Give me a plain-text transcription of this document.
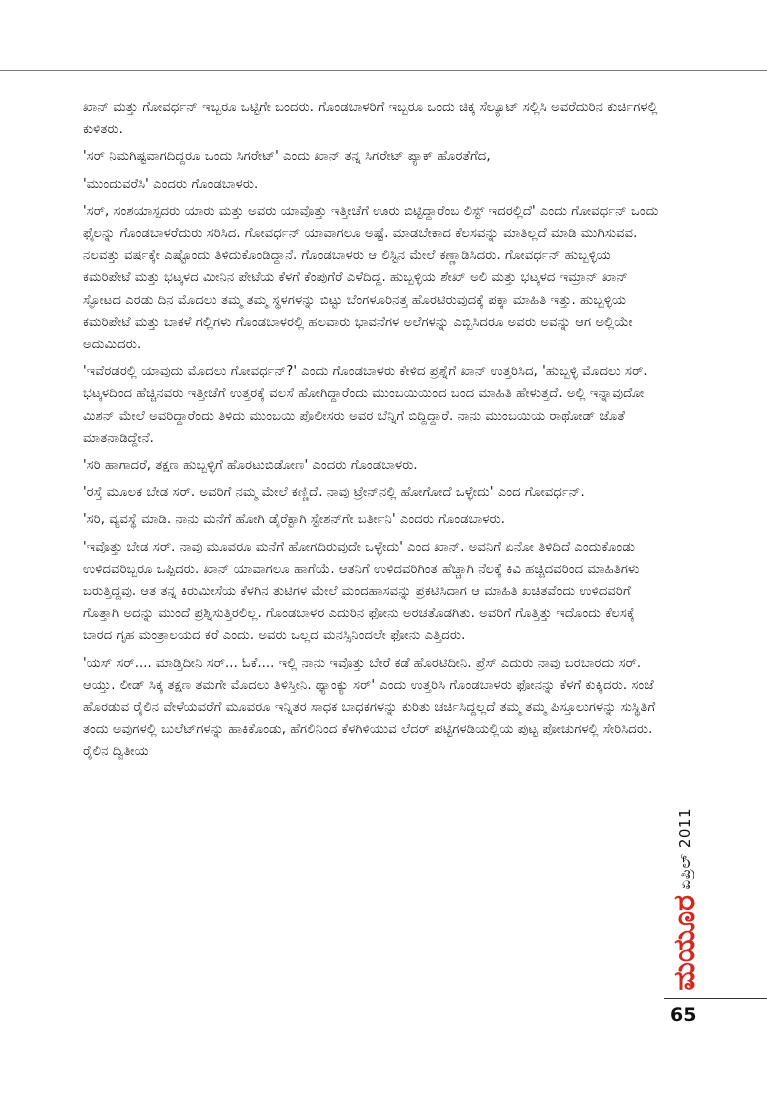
ಖಾನ್ ಮತ್ತು ಗೋವರ್ಧನ್ ಇಬ್ಬರೂ ಒಟ್ಟಿಗೇ ಬಂದರು. ಗೊಂಡಬಾಳರಿಗೆ ಇಬ್ಬರೂ ಒಂದು ಚಿಕ್ಕ ಸೆಲ್ಯೂಟ್ ಸಲ್ಲಿಸಿ ಅವರೆದುರಿನ ಕುರ್ಚಿಗಳಲ್ಲಿ ಕುಳಿತರು.

'ಸರ್ ನಿಮಗಿಷ್ಟವಾಗದಿದ್ದರೂ ಒಂದು ಸಿಗರೇಟ್' ಎಂದು ಖಾನ್ ತನ್ನ ಸಿಗರೇಟ್ ಪ್ಯಾಕ್ ಹೊರತೆಗೆದ,

'ಮುಂದುವರೆಸಿ' ಎಂದರು ಗೊಂಡಬಾಳರು.

'ಸರ್, ಸಂಶಯಾಸ್ಪದರು ಯಾರು ಮತ್ತು ಅವರು ಯಾವೊತ್ತು ಇತ್ತೀಚೆಗೆ ಊರು ಬಿಟ್ಟಿದ್ದಾರೆಂಬ ಲಿಸ್ಟ್ ಇದರಲ್ಲಿದೆ' ಎಂದು ಗೋವರ್ಧನ್ ಒಂದು ಫೈಲನ್ನು ಗೊಂಡಬಾಳರೆದುರು ಸರಿಸಿದ. ಗೋವರ್ಧನ್ ಯಾವಾಗಲೂ ಅಷ್ಟೆ. ಮಾಡಬೇಕಾದ ಕೆಲಸವನ್ನು ಮಾತಿಲ್ಲದೆ ಮಾಡಿ ಮುಗಿಸುವವ. ನಲವತ್ತು ವರ್ಷಕ್ಕೇ ಎಷ್ಟೊಂದು ತಿಳಿದುಕೊಂಡಿದ್ದಾನೆ. ಗೊಂಡಬಾಳರು ಆ ಲಿಸ್ಟಿನ ಮೇಲೆ ಕಣ್ಣಾಡಿಸಿದರು. ಗೋವರ್ಧನ್ ಹುಬ್ಬಳ್ಳಿಯ ಕಮರಿಪೇಟೆ ಮತ್ತು ಭಟ್ಕಳದ ಮೀನಿನ ಪೇಟೆಯ ಕೆಳಗೆ ಕೆಂಪುಗೆರೆ ಎಳೆದಿದ್ದ. ಹುಬ್ಬಳ್ಳಿಯ ಶೇಖ್ ಅಲಿ ಮತ್ತು ಭಟ್ಕಳದ ಇಮ್ರಾನ್ ಖಾನ್ ಸ್ಫೋಟದ ಎರಡು ದಿನ ಮೊದಲು ತಮ್ಮ ತಮ್ಮ ಸ್ಥಳಗಳನ್ನು ಬಿಟ್ಟು ಬೆಂಗಳೂರಿನತ್ತ ಹೊರಟಿರುವುದಕ್ಕೆ ಪಕ್ಕಾ ಮಾಹಿತಿ ಇತ್ತು. ಹುಬ್ಬಳ್ಳಿಯ ಕಮರಿಪೇಟೆ ಮತ್ತು ಬಾಕಳೆ ಗಲ್ಲಿಗಳು ಗೊಂಡಬಾಳರಲ್ಲಿ ಹಲವಾರು ಭಾವನೆಗಳ ಅಲೆಗಳನ್ನು ಎಬ್ಬಿಸಿದರೂ ಅವರು ಅವನ್ನು ಆಗ ಅಲ್ಲಿಯೇ ಅದುಮಿದರು.

'ಇವೆರಡರಲ್ಲಿ ಯಾವುದು ಮೊದಲು ಗೋವರ್ಧನ್?' ಎಂದು ಗೊಂಡಬಾಳರು ಕೇಳಿದ ಪ್ರಶ್ನೆಗೆ ಖಾನ್ ಉತ್ತರಿಸಿದ, 'ಹುಬ್ಬಳ್ಳಿ ಮೊದಲು ಸರ್. ಭಟ್ಕಳದಿಂದ ಹೆಚ್ಚಿನವರು ಇತ್ತೀಚೆಗೆ ಉತ್ತರಕ್ಕೆ ವಲಸೆ ಹೋಗಿದ್ದಾರೆಂದು ಮುಂಬಯಿಯಿಂದ ಬಂದ ಮಾಹಿತಿ ಹೇಳುತ್ತದೆ. ಅಲ್ಲಿ ಇನ್ನಾವುದೋ ಮಿಶನ್ ಮೇಲೆ ಅವರಿದ್ದಾರೆಂದು ತಿಳಿದು ಮುಂಬಯಿ ಪೊಲೀಸರು ಅವರ ಬೆನ್ನಿಗೆ ಬಿದ್ದಿದ್ದಾರೆ. ನಾನು ಮುಂಬಯಿಯ ರಾಥೋಡ್ ಜೊತೆ ಮಾತನಾಡಿದ್ದೇನೆ.

'ಸರಿ ಹಾಗಾದರೆ, ತಕ್ಷಣ ಹುಬ್ಬಳ್ಳಿಗೆ ಹೊರಟುಬಿಡೋಣ' ಎಂದರು ಗೊಂಡಬಾಳರು.

'ರಸ್ತೆ ಮೂಲಕ ಬೇಡ ಸರ್. ಅವರಿಗೆ ನಮ್ಮ ಮೇಲೆ ಕಣ್ಣಿದೆ. ನಾವು ಟ್ರೇನ್‌ನಲ್ಲಿ ಹೋಗೋದೆ ಒಳ್ಳೇದು' ಎಂದ ಗೋವರ್ಧನ್.

'ಸರಿ, ವ್ಯವಸ್ಥೆ ಮಾಡಿ. ನಾನು ಮನೆಗೆ ಹೋಗಿ ಡೈರೆಕ್ಟಾಗಿ ಸ್ಟೇಶನ್‌ಗೇ ಬರ್ತೀನಿ' ಎಂದರು ಗೊಂಡಬಾಳರು.

'ಇವೊತ್ತು ಬೇಡ ಸರ್. ನಾವು ಮೂವರೂ ಮನೆಗೆ ಹೋಗದಿರುವುದೇ ಒಳ್ಳೇದು' ಎಂದ ಖಾನ್. ಅವನಿಗೆ ಏನೋ ತಿಳಿದಿದೆ ಎಂದುಕೊಂಡು ಉಳಿದವರಿಬ್ಬರೂ ಒಪ್ಪಿದರು. ಖಾನ್ ಯಾವಾಗಲೂ ಹಾಗೆಯೆ. ಆತನಿಗೆ ಉಳಿದವರಿಗಿಂತ ಹೆಚ್ಚಾಗಿ ನೆಲಕ್ಕೆ ಕಿವಿ ಹಚ್ಚಿದವರಿಂದ ಮಾಹಿತಿಗಳು ಬರುತ್ತಿದ್ದವು. ಆತ ತನ್ನ ಕಿರುಮೀಸೆಯ ಕೆಳಗಿನ ತುಟಿಗಳ ಮೇಲೆ ಮಂದಹಾಸವನ್ನು ಪ್ರಕಟಿಸಿದಾಗ ಆ ಮಾಹಿತಿ ಖಚಿತವೆಂದು ಉಳಿದವರಿಗೆ ಗೊತ್ತಾಗಿ ಅದನ್ನು ಮುಂದೆ ಪ್ರಶ್ನಿಸುತ್ತಿರಲಿಲ್ಲ. ಗೊಂಡಬಾಳರ ಎದುರಿನ ಫೋನು ಅರಚತೊಡಗಿತು. ಅವರಿಗೆ ಗೊತ್ತಿತ್ತು ಇದೊಂದು ಕೆಲಸಕ್ಕೆ ಬಾರದ ಗೃಹ ಮಂತ್ರಾಲಯದ ಕರೆ ಎಂದು. ಅವರು ಒಲ್ಲದ ಮನಸ್ಸಿನಿಂದಲೇ ಫೋನು ಎತ್ತಿದರು.

'ಯಸ್ ಸರ್.... ಮಾಡ್ತಿದೀನಿ ಸರ್... ಓಕೆ.... ಇಲ್ಲಿ ನಾನು ಇವೊತ್ತು ಬೇರೆ ಕಡೆ ಹೊರಟಿದೀನಿ. ಪ್ರೆಸ್ ಎದುರು ನಾವು ಬರಬಾರದು ಸರ್. ಆಯ್ತು. ಲೀಡ್ ಸಿಕ್ಕ ತಕ್ಷಣ ತಮಗೇ ಮೊದಲು ತಿಳಿಸ್ತೀನಿ. ಥ್ಯಾಂಕ್ಯು ಸರ್' ಎಂದು ಉತ್ತರಿಸಿ ಗೊಂಡಬಾಳರು ಫೋನನ್ನು ಕೆಳಗೆ ಕುಕ್ಕಿದರು. ಸಂಜೆ ಹೊರಡುವ ರೈಲಿನ ವೇಳೆಯವರೆಗೆ ಮೂವರೂ ಇನ್ನಿತರ ಸಾಧಕ ಬಾಧಕಗಳನ್ನು ಕುರಿತು ಚರ್ಚಿಸಿದ್ದಲ್ಲದೆ ತಮ್ಮ ತಮ್ಮ ಪಿಸ್ತೂಲುಗಳನ್ನು ಸುಸ್ಥಿತಿಗೆ ತಂದು ಅವುಗಳಲ್ಲಿ ಬುಲೆಟ್‌ಗಳನ್ನು ಹಾಕಿಕೊಂಡು, ಹೆಗಲಿನಿಂದ ಕೆಳಗಿಳಿಯುವ ಲೆದರ್ ಪಟ್ಟಿಗಳಡಿಯಲ್ಲಿಯ ಪುಟ್ಟ ಪೋಚುಗಳಲ್ಲಿ ಸೇರಿಸಿದರು. ರೈಲಿನ ದ್ವಿತೀಯ

ಏಪ್ರಿಲ್ 2011
ಮಯೂರ
65
